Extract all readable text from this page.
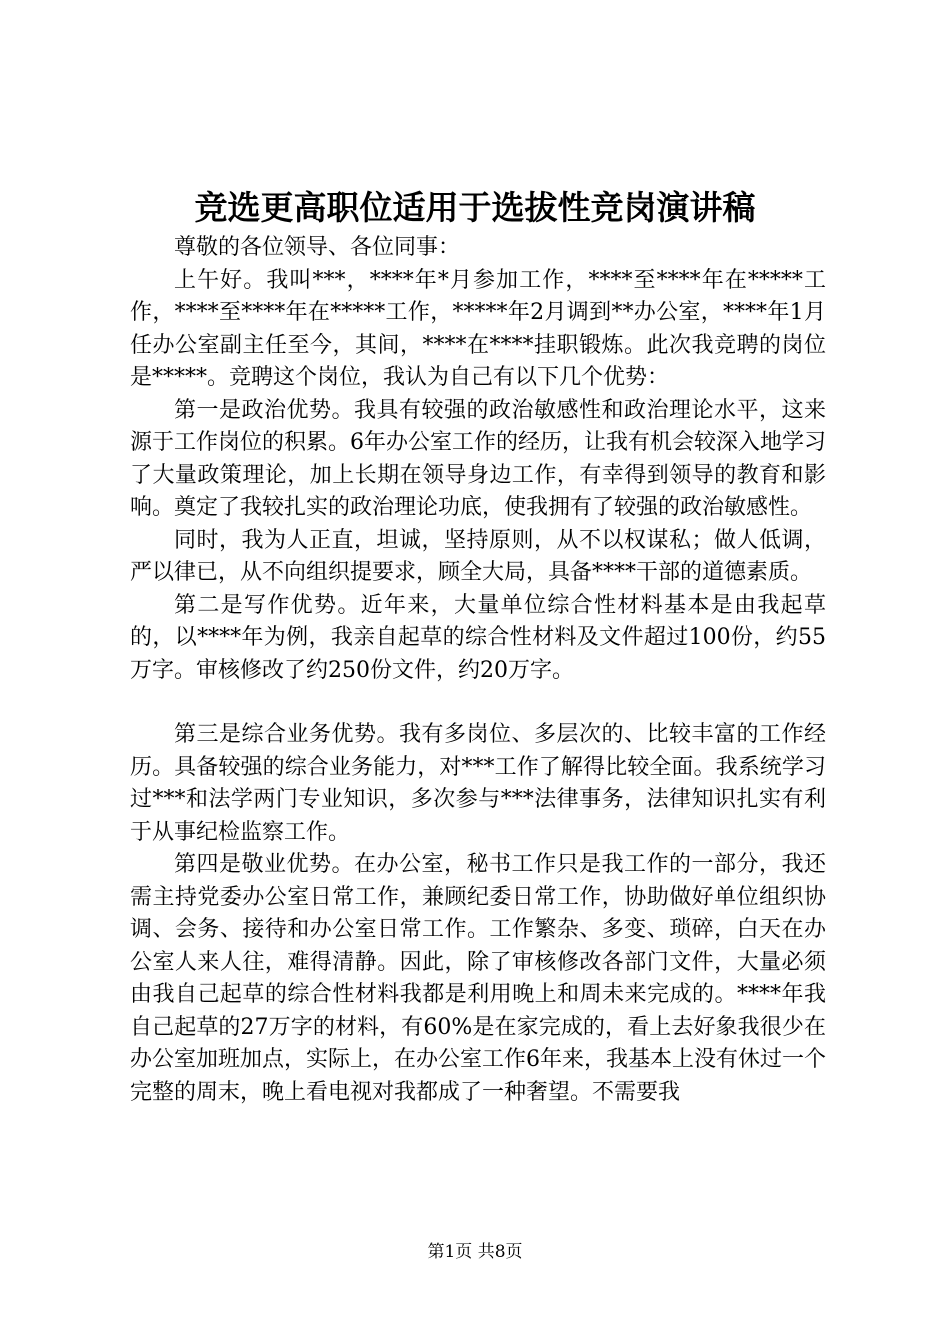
竞选更高职位适用于选拔性竞岗演讲稿

尊敬的各位领导、各位同事：

上午好。我叫***，****年*月参加工作，****至****年在*****工作，****至****年在*****工作，*****年2月调到**办公室，****年1月任办公室副主任至今，其间，****在****挂职锻炼。此次我竞聘的岗位是*****。竞聘这个岗位，我认为自己有以下几个优势：

第一是政治优势。我具有较强的政治敏感性和政治理论水平，这来源于工作岗位的积累。6年办公室工作的经历，让我有机会较深入地学习了大量政策理论，加上长期在领导身边工作，有幸得到领导的教育和影响。奠定了我较扎实的政治理论功底，使我拥有了较强的政治敏感性。

同时，我为人正直，坦诚，坚持原则，从不以权谋私；做人低调，严以律已，从不向组织提要求，顾全大局，具备****干部的道德素质。

第二是写作优势。近年来，大量单位综合性材料基本是由我起草的，以****年为例，我亲自起草的综合性材料及文件超过100份，约55万字。审核修改了约250份文件，约20万字。

第三是综合业务优势。我有多岗位、多层次的、比较丰富的工作经历。具备较强的综合业务能力，对***工作了解得比较全面。我系统学习过***和法学两门专业知识，多次参与***法律事务，法律知识扎实有利于从事纪检监察工作。

第四是敬业优势。在办公室，秘书工作只是我工作的一部分，我还需主持党委办公室日常工作，兼顾纪委日常工作，协助做好单位组织协调、会务、接待和办公室日常工作。工作繁杂、多变、琐碎，白天在办公室人来人往，难得清静。因此，除了审核修改各部门文件，大量必须由我自己起草的综合性材料我都是利用晚上和周未来完成的。****年我自己起草的27万字的材料，有60%是在家完成的，看上去好象我很少在办公室加班加点，实际上，在办公室工作6年来，我基本上没有休过一个完整的周末，晚上看电视对我都成了一种奢望。不需要我

第1页 共8页
